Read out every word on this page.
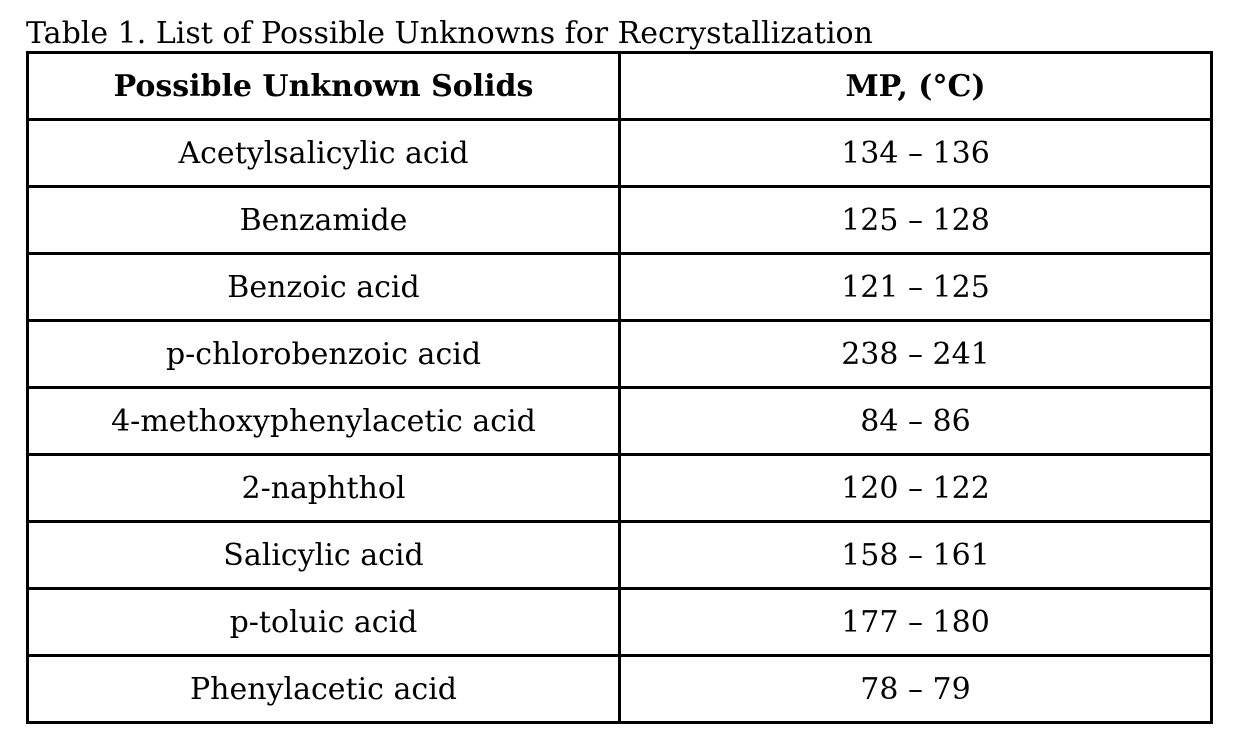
Table 1. List of Possible Unknowns for Recrystallization
Possible Unknown Solids	MP, (°C)
Acetylsalicylic acid	134 – 136
Benzamide	125 – 128
Benzoic acid	121 – 125
p-chlorobenzoic acid	238 – 241
4-methoxyphenylacetic acid	84 – 86
2-naphthol	120 – 122
Salicylic acid	158 – 161
p-toluic acid	177 – 180
Phenylacetic acid	78 – 79
